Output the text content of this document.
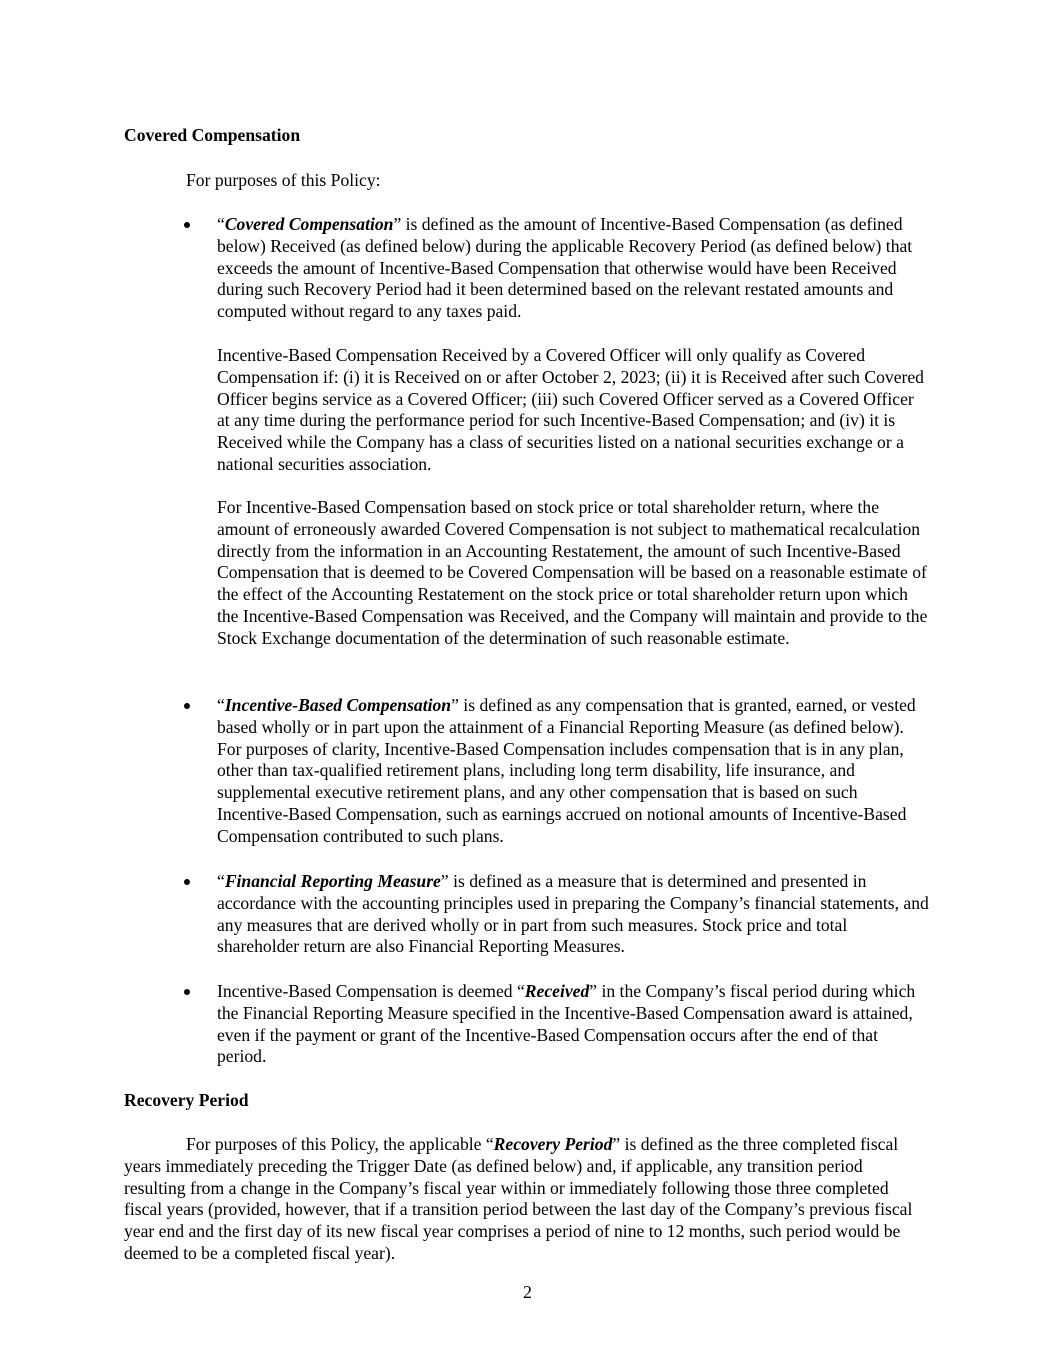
Covered Compensation
For purposes of this Policy:
“Covered Compensation” is defined as the amount of Incentive-Based Compensation (as defined below) Received (as defined below) during the applicable Recovery Period (as defined below) that exceeds the amount of Incentive-Based Compensation that otherwise would have been Received during such Recovery Period had it been determined based on the relevant restated amounts and computed without regard to any taxes paid.
Incentive-Based Compensation Received by a Covered Officer will only qualify as Covered Compensation if: (i) it is Received on or after October 2, 2023; (ii) it is Received after such Covered Officer begins service as a Covered Officer; (iii) such Covered Officer served as a Covered Officer at any time during the performance period for such Incentive-Based Compensation; and (iv) it is Received while the Company has a class of securities listed on a national securities exchange or a national securities association.
For Incentive-Based Compensation based on stock price or total shareholder return, where the amount of erroneously awarded Covered Compensation is not subject to mathematical recalculation directly from the information in an Accounting Restatement, the amount of such Incentive-Based Compensation that is deemed to be Covered Compensation will be based on a reasonable estimate of the effect of the Accounting Restatement on the stock price or total shareholder return upon which the Incentive-Based Compensation was Received, and the Company will maintain and provide to the Stock Exchange documentation of the determination of such reasonable estimate.
“Incentive-Based Compensation” is defined as any compensation that is granted, earned, or vested based wholly or in part upon the attainment of a Financial Reporting Measure (as defined below). For purposes of clarity, Incentive-Based Compensation includes compensation that is in any plan, other than tax-qualified retirement plans, including long term disability, life insurance, and supplemental executive retirement plans, and any other compensation that is based on such Incentive-Based Compensation, such as earnings accrued on notional amounts of Incentive-Based Compensation contributed to such plans.
“Financial Reporting Measure” is defined as a measure that is determined and presented in accordance with the accounting principles used in preparing the Company’s financial statements, and any measures that are derived wholly or in part from such measures. Stock price and total shareholder return are also Financial Reporting Measures.
Incentive-Based Compensation is deemed “Received” in the Company’s fiscal period during which the Financial Reporting Measure specified in the Incentive-Based Compensation award is attained, even if the payment or grant of the Incentive-Based Compensation occurs after the end of that period.
Recovery Period
For purposes of this Policy, the applicable “Recovery Period” is defined as the three completed fiscal years immediately preceding the Trigger Date (as defined below) and, if applicable, any transition period resulting from a change in the Company’s fiscal year within or immediately following those three completed fiscal years (provided, however, that if a transition period between the last day of the Company’s previous fiscal year end and the first day of its new fiscal year comprises a period of nine to 12 months, such period would be deemed to be a completed fiscal year).
2
